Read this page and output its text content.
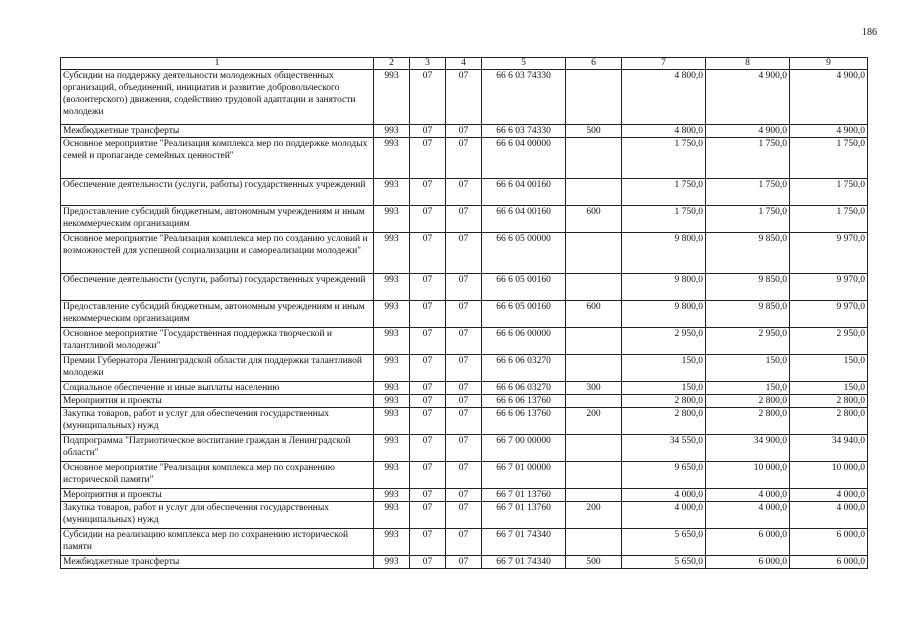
186
1	2	3	4	5	6	7	8	9
Субсидии на поддержку деятельности молодежных общественных организаций, объединений, инициатив и развитие добровольческого (волонтерского) движения, содействию трудовой адаптации и занятости молодежи	993	07	07	66 6 03 74330		4 800,0	4 900,0	4 900,0
Межбюджетные трансферты	993	07	07	66 6 03 74330	500	4 800,0	4 900,0	4 900,0
Основное мероприятие "Реализация комплекса мер по поддержке молодых семей и пропаганде семейных ценностей"	993	07	07	66 6 04 00000		1 750,0	1 750,0	1 750,0
Обеспечение деятельности (услуги, работы) государственных учреждений	993	07	07	66 6 04 00160		1 750,0	1 750,0	1 750,0
Предоставление субсидий бюджетным, автономным учреждениям и иным некоммерческим организациям	993	07	07	66 6 04 00160	600	1 750,0	1 750,0	1 750,0
Основное мероприятие "Реализация комплекса мер по созданию условий и возможностей для успешной социализации и самореализации молодежи"	993	07	07	66 6 05 00000		9 800,0	9 850,0	9 970,0
Обеспечение деятельности (услуги, работы) государственных учреждений	993	07	07	66 6 05 00160		9 800,0	9 850,0	9 970,0
Предоставление субсидий бюджетным, автономным учреждениям и иным некоммерческим организациям	993	07	07	66 6 05 00160	600	9 800,0	9 850,0	9 970,0
Основное мероприятие "Государственная поддержка творческой и талантливой молодежи"	993	07	07	66 6 06 00000		2 950,0	2 950,0	2 950,0
Премии Губернатора Ленинградской области для поддержки талантливой молодежи	993	07	07	66 6 06 03270		150,0	150,0	150,0
Социальное обеспечение и иные выплаты населению	993	07	07	66 6 06 03270	300	150,0	150,0	150,0
Мероприятия и проекты	993	07	07	66 6 06 13760		2 800,0	2 800,0	2 800,0
Закупка товаров, работ и услуг для обеспечения государственных (муниципальных) нужд	993	07	07	66 6 06 13760	200	2 800,0	2 800,0	2 800,0
Подпрограмма "Патриотическое воспитание граждан в Ленинградской области"	993	07	07	66 7 00 00000		34 550,0	34 900,0	34 940,0
Основное мероприятие "Реализация комплекса мер по сохранению исторической памяти"	993	07	07	66 7 01 00000		9 650,0	10 000,0	10 000,0
Мероприятия и проекты	993	07	07	66 7 01 13760		4 000,0	4 000,0	4 000,0
Закупка товаров, работ и услуг для обеспечения государственных (муниципальных) нужд	993	07	07	66 7 01 13760	200	4 000,0	4 000,0	4 000,0
Субсидии на реализацию комплекса мер по сохранению исторической памяти	993	07	07	66 7 01 74340		5 650,0	6 000,0	6 000,0
Межбюджетные трансферты	993	07	07	66 7 01 74340	500	5 650,0	6 000,0	6 000,0
